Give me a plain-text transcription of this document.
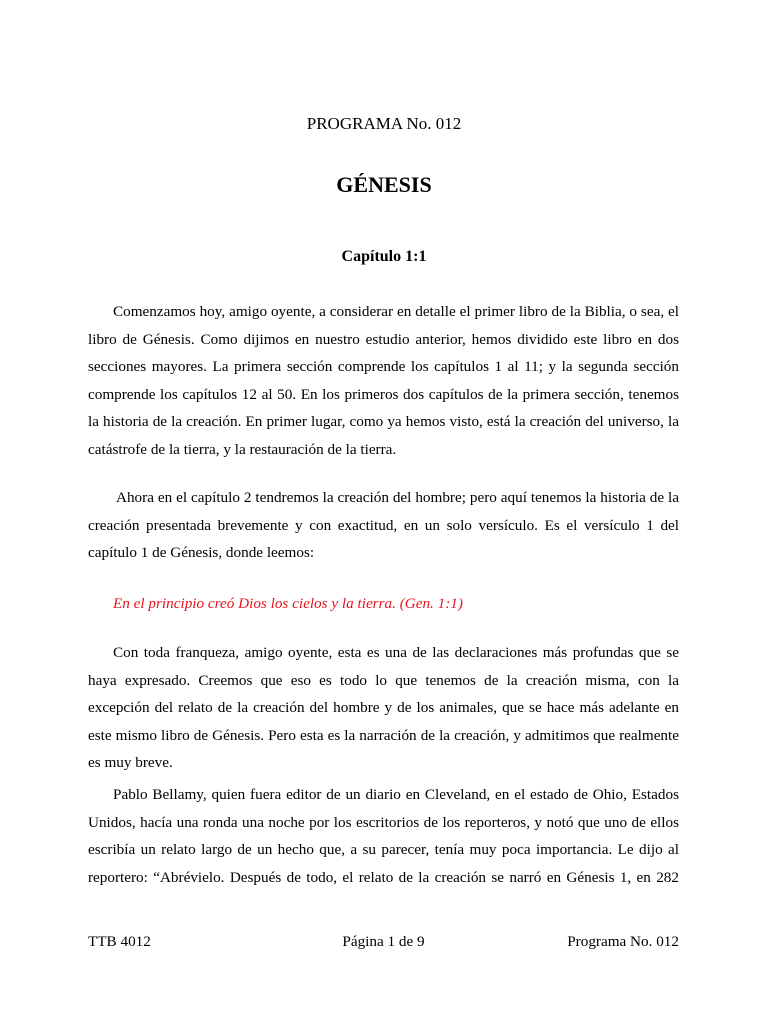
PROGRAMA No. 012
GÉNESIS
Capítulo 1:1
Comenzamos hoy, amigo oyente, a considerar en detalle el primer libro de la Biblia, o sea, el
libro de Génesis. Como dijimos en nuestro estudio anterior, hemos dividido este libro en dos
secciones mayores. La primera sección comprende los capítulos 1 al 11; y la segunda sección
comprende los capítulos 12 al 50. En los primeros dos capítulos de la primera sección, tenemos
la historia de la creación. En primer lugar, como ya hemos visto, está la creación del universo, la
catástrofe de la tierra, y la restauración de la tierra.
Ahora en el capítulo 2 tendremos la creación del hombre; pero aquí tenemos la historia de la
creación presentada brevemente y con exactitud, en un solo versículo. Es el versículo 1 del
capítulo 1 de Génesis, donde leemos:
En el principio creó Dios los cielos y la tierra. (Gen. 1:1)
Con toda franqueza, amigo oyente, esta es una de las declaraciones más profundas que se
haya expresado. Creemos que eso es todo lo que tenemos de la creación misma, con la
excepción del relato de la creación del hombre y de los animales, que se hace más adelante en
este mismo libro de Génesis. Pero esta es la narración de la creación, y admitimos que realmente
es muy breve.
Pablo Bellamy, quien fuera editor de un diario en Cleveland, en el estado de Ohio, Estados
Unidos, hacía una ronda una noche por los escritorios de los reporteros, y notó que uno de ellos
escribía un relato largo de un hecho que, a su parecer, tenía muy poca importancia. Le dijo al
reportero: “Abrévielo. Después de todo, el relato de la creación se narró en Génesis 1, en 282
TTB 4012	Página 1 de 9	Programa No. 012
